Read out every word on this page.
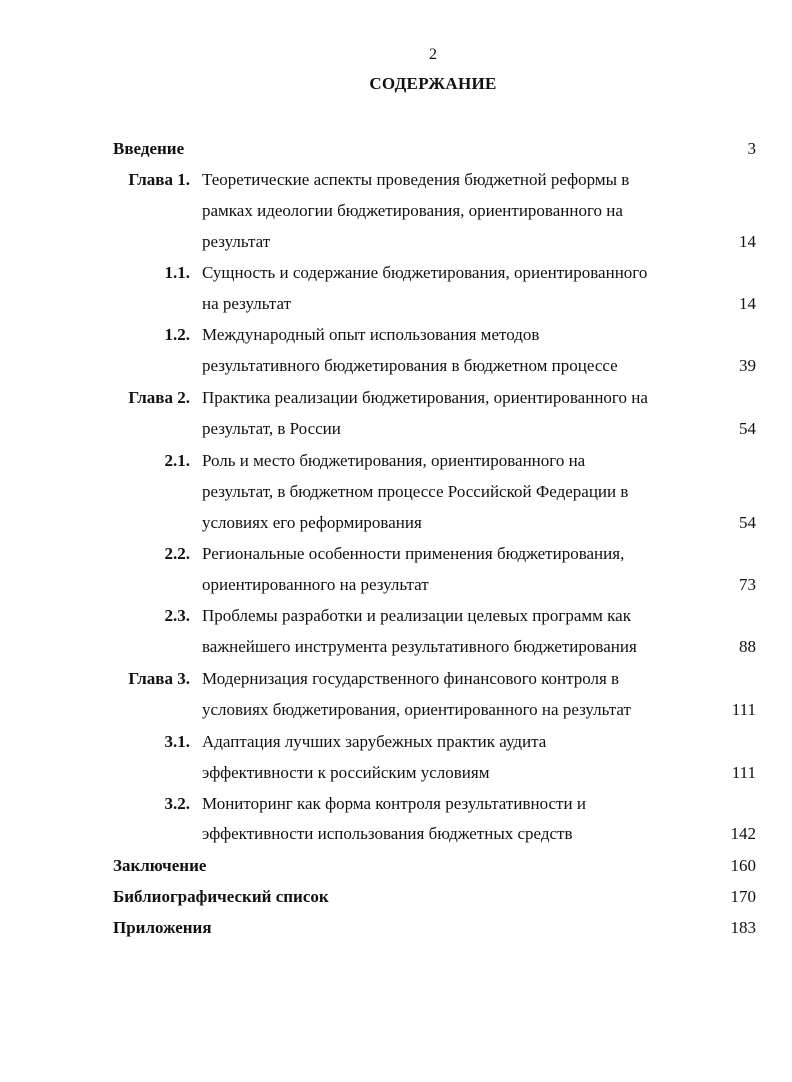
2
СОДЕРЖАНИЕ
Введение	3
Глава 1. Теоретические аспекты проведения бюджетной реформы в
рамках идеологии бюджетирования, ориентированного на
результат	14
1.1. Сущность и содержание бюджетирования, ориентированного
на результат	14
1.2. Международный опыт использования методов
результативного бюджетирования в бюджетном процессе	39
Глава 2. Практика реализации бюджетирования, ориентированного на
результат, в России	54
2.1. Роль и место бюджетирования, ориентированного на
результат, в бюджетном процессе Российской Федерации в
условиях его реформирования	54
2.2. Региональные особенности применения бюджетирования,
ориентированного на результат	73
2.3. Проблемы разработки и реализации целевых программ как
важнейшего инструмента результативного бюджетирования	88
Глава 3. Модернизация государственного финансового контроля в
условиях бюджетирования, ориентированного на результат	111
3.1. Адаптация лучших зарубежных практик аудита
эффективности к российским условиям	111
3.2. Мониторинг как форма контроля результативности и
эффективности использования бюджетных средств	142
Заключение	160
Библиографический список	170
Приложения	183
